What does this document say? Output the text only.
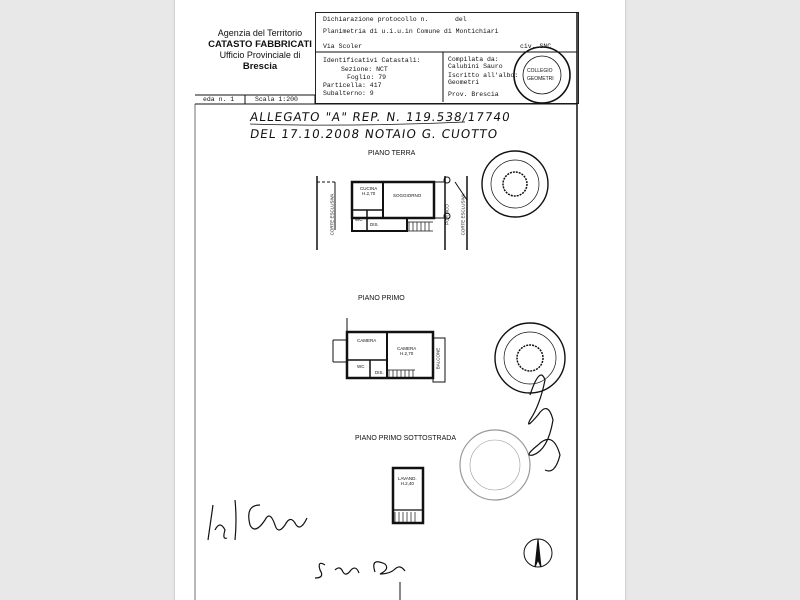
Agenzia del Territorio
CATASTO FABBRICATI
Ufficio Provinciale di
Brescia
Dichiarazione protocollo n.	del
Planimetria di u.i.u.in Comune di Montichiari
Via Scoler	civ. SNC
Identificativi Catastali:
Sezione: NCT
Foglio: 79
Particella: 417
Subalterno: 9
Compilata da:
Calubini Sauro
Iscritto all'albo:
Geometri
Prov. Brescia
eda n. 1	Scala 1:200
ALLEGATO "A" REP. N. 119.538/17740
DEL 17.10.2008 NOTAIO G. CUOTTO
PIANO TERRA
PIANO PRIMO
PIANO PRIMO SOTTOSTRADA
CUCINA
H.2,70	SOGGIORNO
WC
DIS.	PORTICO
CORTE ESCLUSIVA	CORTE ESCLUSIVA
CAMERA
CAMERA
H.2,70
WC
DIS.
BALCONE
LAVAND.
H.2,40
COLLEGIO
GEOMETRI
